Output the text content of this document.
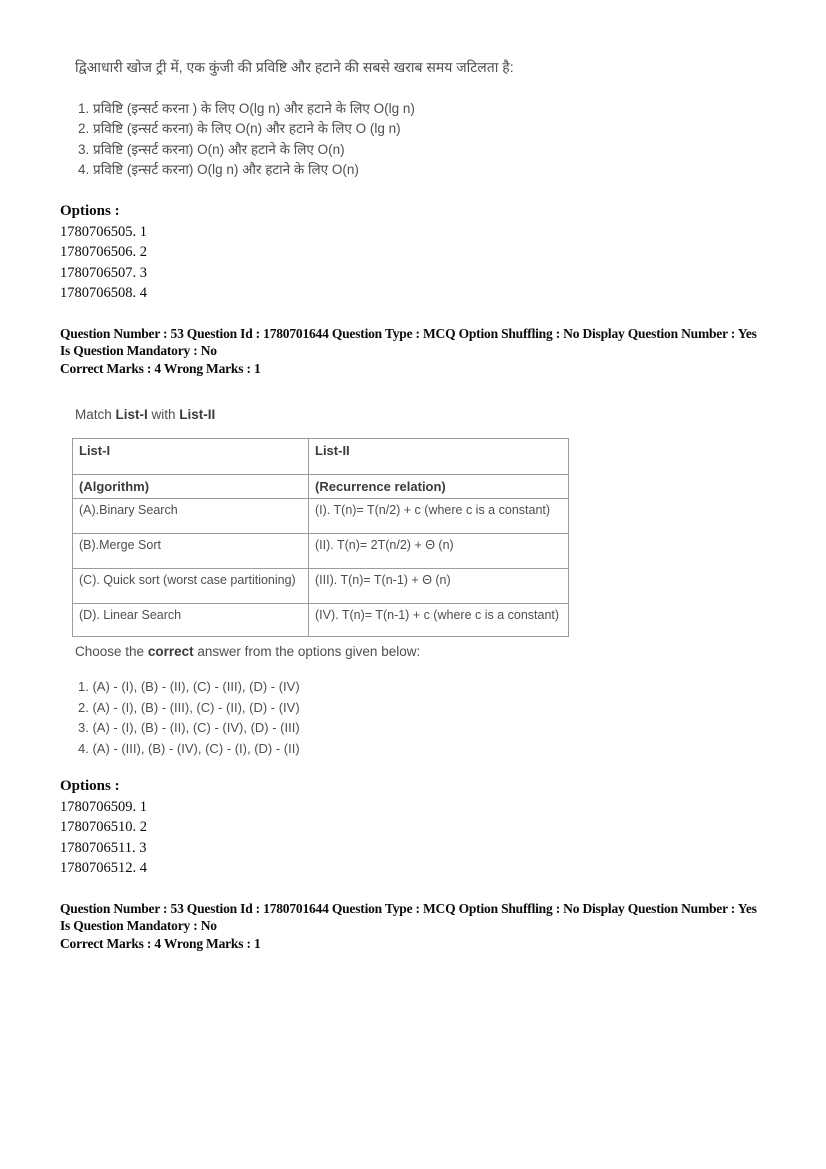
द्विआधारी खोज ट्री में, एक कुंजी की प्रविष्टि और हटाने की सबसे खराब समय जटिलता है:
1. प्रविष्टि (इन्सर्ट करना ) के लिए O(lg n) और हटाने के लिए O(lg n)
2. प्रविष्टि (इन्सर्ट करना) के लिए O(n) और हटाने के लिए O (lg n)
3. प्रविष्टि (इन्सर्ट करना) O(n) और हटाने के लिए O(n)
4. प्रविष्टि (इन्सर्ट करना) O(lg n) और हटाने के लिए O(n)
Options :
1780706505. 1
1780706506. 2
1780706507. 3
1780706508. 4
Question Number : 53 Question Id : 1780701644 Question Type : MCQ Option Shuffling : No Display Question Number : Yes
Is Question Mandatory : No
Correct Marks : 4 Wrong Marks : 1
Match List-I with List-II
List-I	List-II
(Algorithm)	(Recurrence relation)
(A).Binary Search	(I). T(n)= T(n/2) + c (where c is a constant)
(B).Merge Sort	(II). T(n)= 2T(n/2) + Θ (n)
(C). Quick sort (worst case partitioning)	(III). T(n)= T(n-1) + Θ (n)
(D). Linear Search	(IV). T(n)= T(n-1) + c (where c is a constant)
Choose the correct answer from the options given below:
1. (A) - (I), (B) - (II), (C) - (III), (D) - (IV)
2. (A) - (I), (B) - (III), (C) - (II), (D) - (IV)
3. (A) - (I), (B) - (II), (C) - (IV), (D) - (III)
4. (A) - (III), (B) - (IV), (C) - (I), (D) - (II)
Options :
1780706509. 1
1780706510. 2
1780706511. 3
1780706512. 4
Question Number : 53 Question Id : 1780701644 Question Type : MCQ Option Shuffling : No Display Question Number : Yes
Is Question Mandatory : No
Correct Marks : 4 Wrong Marks : 1
